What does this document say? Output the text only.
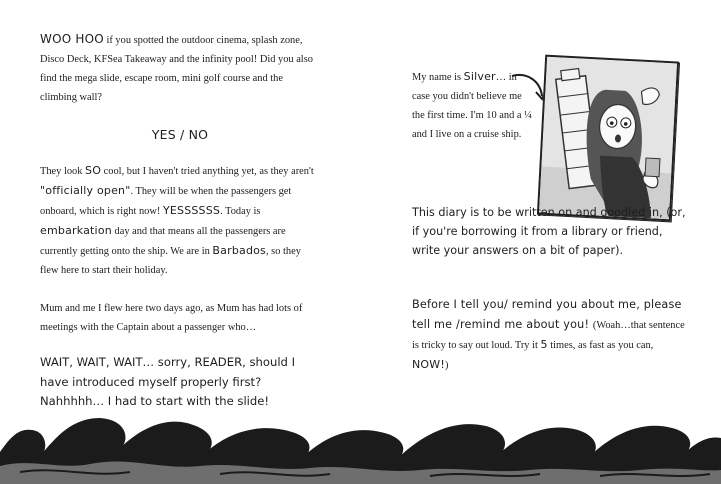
WOO HOO if you spotted the outdoor cinema, splash zone, Disco Deck, KFSea Takeaway and the infinity pool! Did you also find the mega slide, escape room, mini golf course and the climbing wall?

YES / NO

They look SO cool, but I haven't tried anything yet, as they aren't "officially open". They will be when the passengers get onboard, which is right now! YESSSSSS. Today is embarkation day and that means all the passengers are currently getting onto the ship. We are in Barbados, so they flew here to start their holiday.

Mum and me I flew here two days ago, as Mum has had lots of meetings with the Captain about a passenger who…

WAIT, WAIT, WAIT… sorry, READER, should I have introduced myself properly first? Nahhhhh… I had to start with the slide!

My name is Silver… in case you didn't believe me the first time. I'm 10 and a ¼ and I live on a cruise ship.

This diary is to be written on and doodled in, (or, if you're borrowing it from a library or friend, write your answers on a bit of paper).

Before I tell you/ remind you about me, please tell me /remind me about you! (Woah…that sentence is tricky to say out loud. Try it 5 times, as fast as you can, NOW!)
